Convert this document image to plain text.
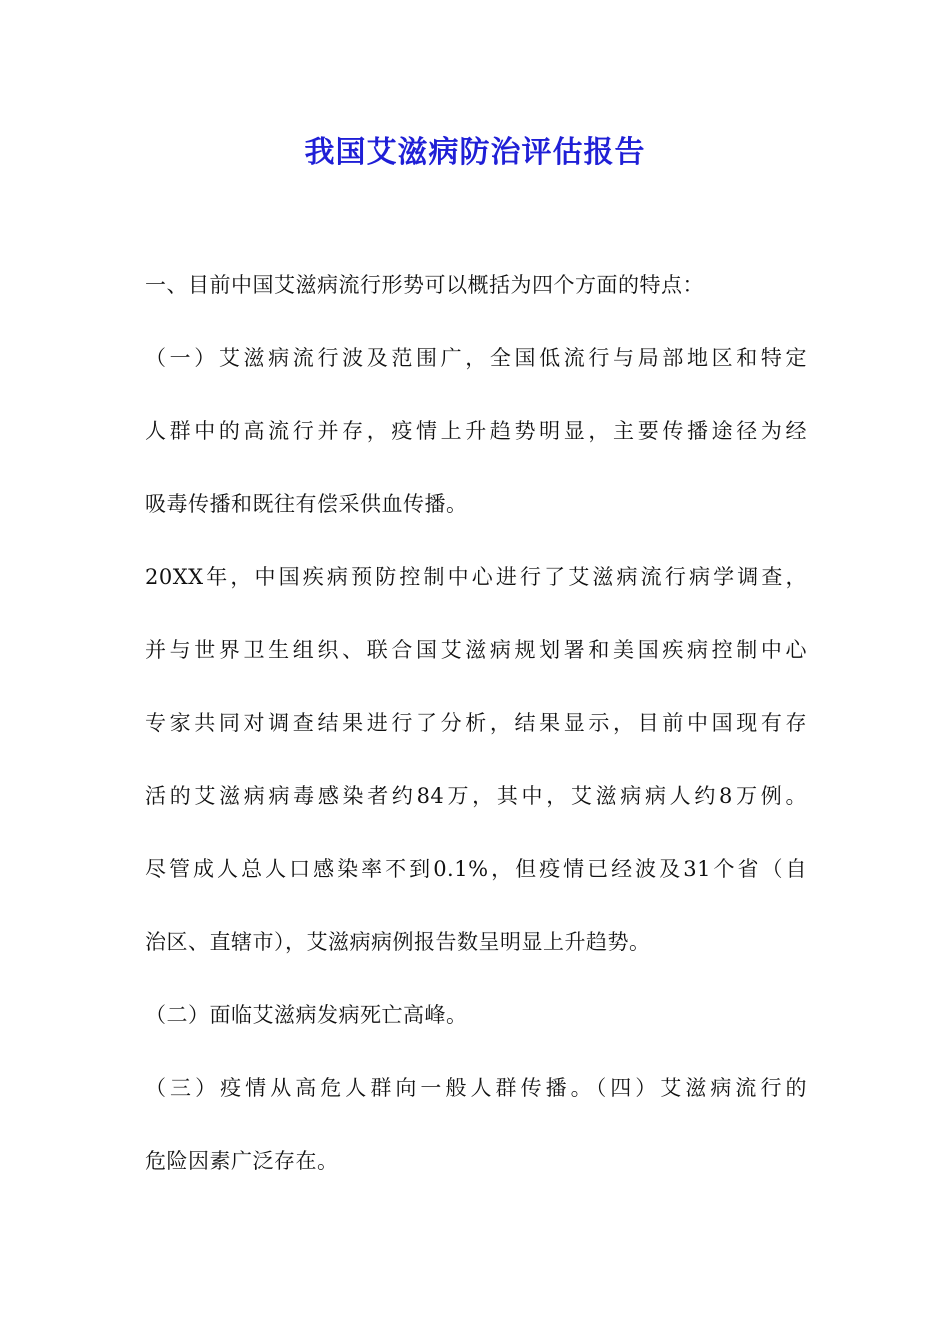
我国艾滋病防治评估报告
一、目前中国艾滋病流行形势可以概括为四个方面的特点：
（一）艾滋病流行波及范围广，全国低流行与局部地区和特定
人群中的高流行并存，疫情上升趋势明显，主要传播途径为经
吸毒传播和既往有偿采供血传播。
20XX年，中国疾病预防控制中心进行了艾滋病流行病学调查，
并与世界卫生组织、联合国艾滋病规划署和美国疾病控制中心
专家共同对调查结果进行了分析，结果显示，目前中国现有存
活的艾滋病病毒感染者约84万，其中，艾滋病病人约8万例。
尽管成人总人口感染率不到0.1%，但疫情已经波及31个省（自
治区、直辖市），艾滋病病例报告数呈明显上升趋势。
（二）面临艾滋病发病死亡高峰。
（三）疫情从高危人群向一般人群传播。（四）艾滋病流行的
危险因素广泛存在。
